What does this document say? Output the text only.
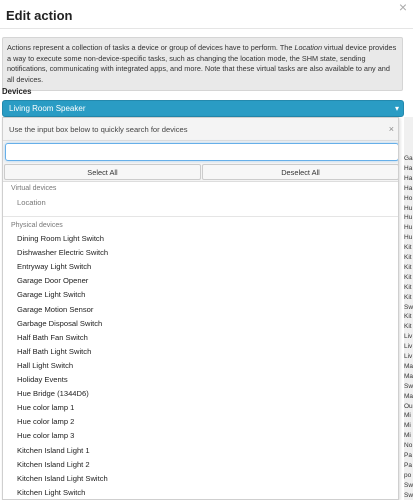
Edit action
×
Actions represent a collection of tasks a device or group of devices have to perform. The Location virtual device provides a way to execute some non-device-specific tasks, such as changing the location mode, the SHM state, sending notifications, communicating with integrated apps, and more. Note that these virtual tasks are also available to any and all devices.
Devices
Living Room Speaker	▾
Use the input box below to quickly search for devices	×
Select All	Deselect All
Virtual devices
Location
Physical devices
Dining Room Light Switch
Dishwasher Electric Switch
Entryway Light Switch
Garage Door Opener
Garage Light Switch
Garage Motion Sensor
Garbage Disposal Switch
Half Bath Fan Switch
Half Bath Light Switch
Hall Light Switch
Holiday Events
Hue Bridge (1344D6)
Hue color lamp 1
Hue color lamp 2
Hue color lamp 3
Kitchen Island Light 1
Kitchen Island Light 2
Kitchen Island Light Switch
Kitchen Light Switch
Ga
Ha
Ha
Ha
Ho
Hu
Hu
Hu
Hu
Kit
Kit
Kit
Kit
Kit
Kit
Sw
Kit
Kit
Liv
Liv
Liv
Ma
Ma
Sw
Ma
Ou
Mi
Mi
Mi
No
Pa
Pa
po
Sw
Sw
